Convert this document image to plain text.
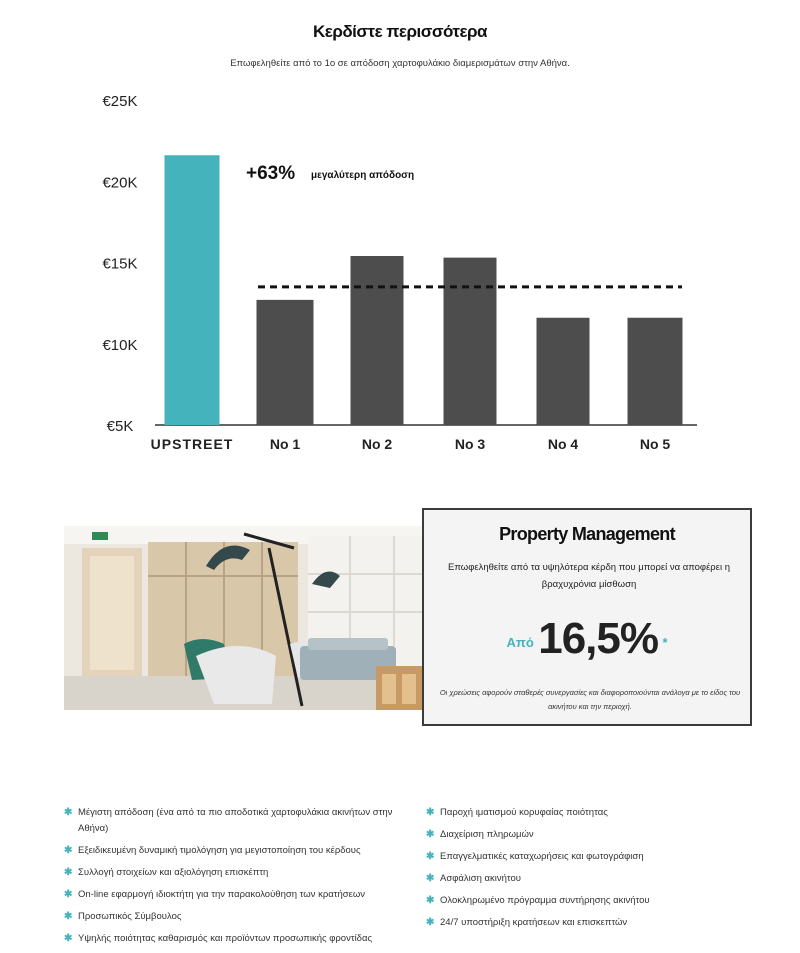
Κερδίστε περισσότερα
Επωφεληθείτε από το 1ο σε απόδοση χαρτοφυλάκιο διαμερισμάτων στην Αθήνα.
€5K
€10K
€15K
€20K
€25K
UPSTREET	No 1	No 2	No 3	No 4	No 5
+63% μεγαλύτερη απόδοση
Property Management
Επωφεληθείτε από τα υψηλότερα κέρδη που μπορεί να αποφέρει η βραχυχρόνια μίσθωση
$^{A\pi ό}$ 16,5% *
Οι χρεώσεις αφορούν σταθερές συνεργασίες και διαφοροποιούνται ανάλογα με το είδος του ακινήτου και την περιοχή.
✱ Μέγιστη απόδοση (ένα από τα πιο αποδοτικά χαρτοφυλάκια ακινήτων στην Αθήνα)
✱ Εξειδικευμένη δυναμική τιμολόγηση για μεγιστοποίηση του κέρδους
✱ Συλλογή στοιχείων και αξιολόγηση επισκέπτη
✱ On-line εφαρμογή ιδιοκτήτη για την παρακολούθηση των κρατήσεων
✱ Προσωπικός Σύμβουλος
✱ Υψηλής ποιότητας καθαρισμός και προϊόντων προσωπικής φροντίδας
✱ Παροχή ιματισμού κορυφαίας ποιότητας
✱ Διαχείριση πληρωμών
✱ Επαγγελματικές καταχωρήσεις και φωτογράφιση
✱ Ασφάλιση ακινήτου
✱ Ολοκληρωμένο πρόγραμμα συντήρησης ακινήτου
✱ 24/7 υποστήριξη κρατήσεων και επισκεπτών
